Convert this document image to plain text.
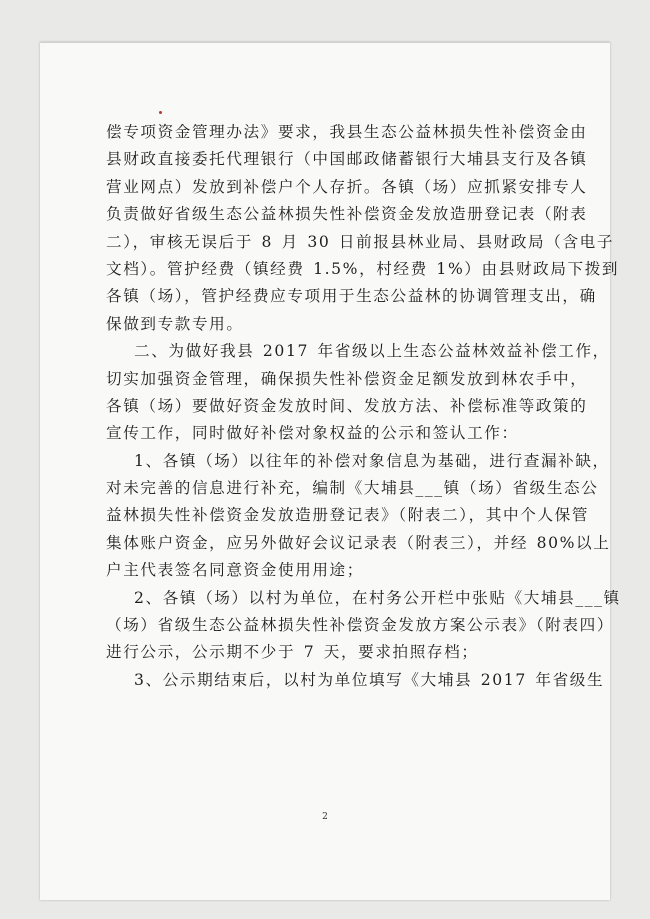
偿专项资金管理办法》要求，我县生态公益林损失性补偿资金由
县财政直接委托代理银行（中国邮政储蓄银行大埔县支行及各镇
营业网点）发放到补偿户个人存折。各镇（场）应抓紧安排专人
负责做好省级生态公益林损失性补偿资金发放造册登记表（附表
二），审核无误后于 8 月 30 日前报县林业局、县财政局（含电子
文档）。管护经费（镇经费 1.5%，村经费 1%）由县财政局下拨到
各镇（场），管护经费应专项用于生态公益林的协调管理支出，确
保做到专款专用。
二、为做好我县 2017 年省级以上生态公益林效益补偿工作，
切实加强资金管理，确保损失性补偿资金足额发放到林农手中，
各镇（场）要做好资金发放时间、发放方法、补偿标准等政策的
宣传工作，同时做好补偿对象权益的公示和签认工作：
1、各镇（场）以往年的补偿对象信息为基础，进行查漏补缺，
对未完善的信息进行补充，编制《大埔县___镇（场）省级生态公
益林损失性补偿资金发放造册登记表》（附表二），其中个人保管
集体账户资金，应另外做好会议记录表（附表三），并经 80%以上
户主代表签名同意资金使用用途；
2、各镇（场）以村为单位，在村务公开栏中张贴《大埔县___镇
（场）省级生态公益林损失性补偿资金发放方案公示表》（附表四）
进行公示，公示期不少于 7 天，要求拍照存档；
3、公示期结束后，以村为单位填写《大埔县 2017 年省级生
2
